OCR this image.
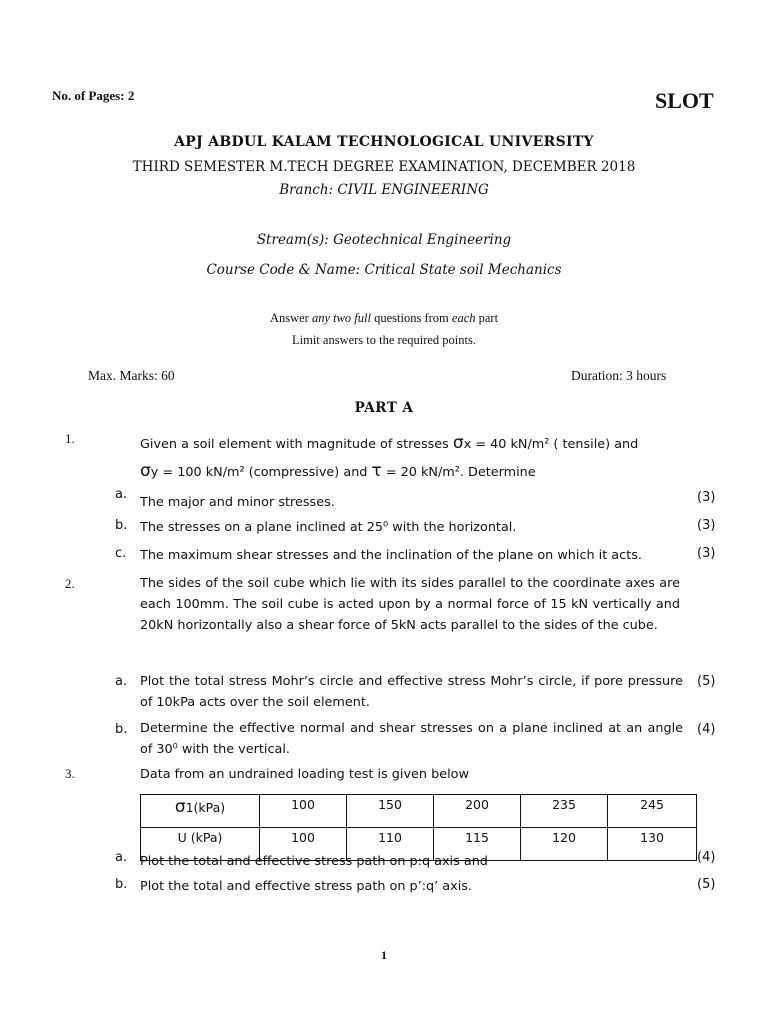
No. of Pages: 2	SLOT
APJ ABDUL KALAM TECHNOLOGICAL UNIVERSITY
THIRD SEMESTER M.TECH DEGREE EXAMINATION, DECEMBER 2018
Branch: CIVIL ENGINEERING
Stream(s): Geotechnical Engineering
Course Code & Name: Critical State soil Mechanics
Answer any two full questions from each part
Limit answers to the required points.
Max. Marks: 60	Duration: 3 hours
PART A
1.	Given a soil element with magnitude of stresses σx = 40 kN/m² ( tensile) and
σy = 100 kN/m² (compressive) and τ = 20 kN/m². Determine
a.
The major and minor stresses.	(3)
b. The stresses on a plane inclined at 25⁰ with the horizontal.	(3)
c. The maximum shear stresses and the inclination of the plane on which it acts.	(3)
2.	The sides of the soil cube which lie with its sides parallel to the coordinate axes are each 100mm. The soil cube is acted upon by a normal force of 15 kN vertically and 20kN horizontally also a shear force of 5kN acts parallel to the sides of the cube.
a. Plot the total stress Mohr’s circle and effective stress Mohr’s circle, if pore pressure of 10kPa acts over the soil element.
(5)
b. Determine the effective normal and shear stresses on a plane inclined at an angle of 30⁰ with the vertical.
(4)
3.	Data from an undrained loading test is given below
σ1(kPa)	100	150	200	235	245
U (kPa)	100	110	115	120	130
a. Plot the total and effective stress path on p:q axis and	(4)
b. Plot the total and effective stress path on p’:q’ axis.	(5)
1
